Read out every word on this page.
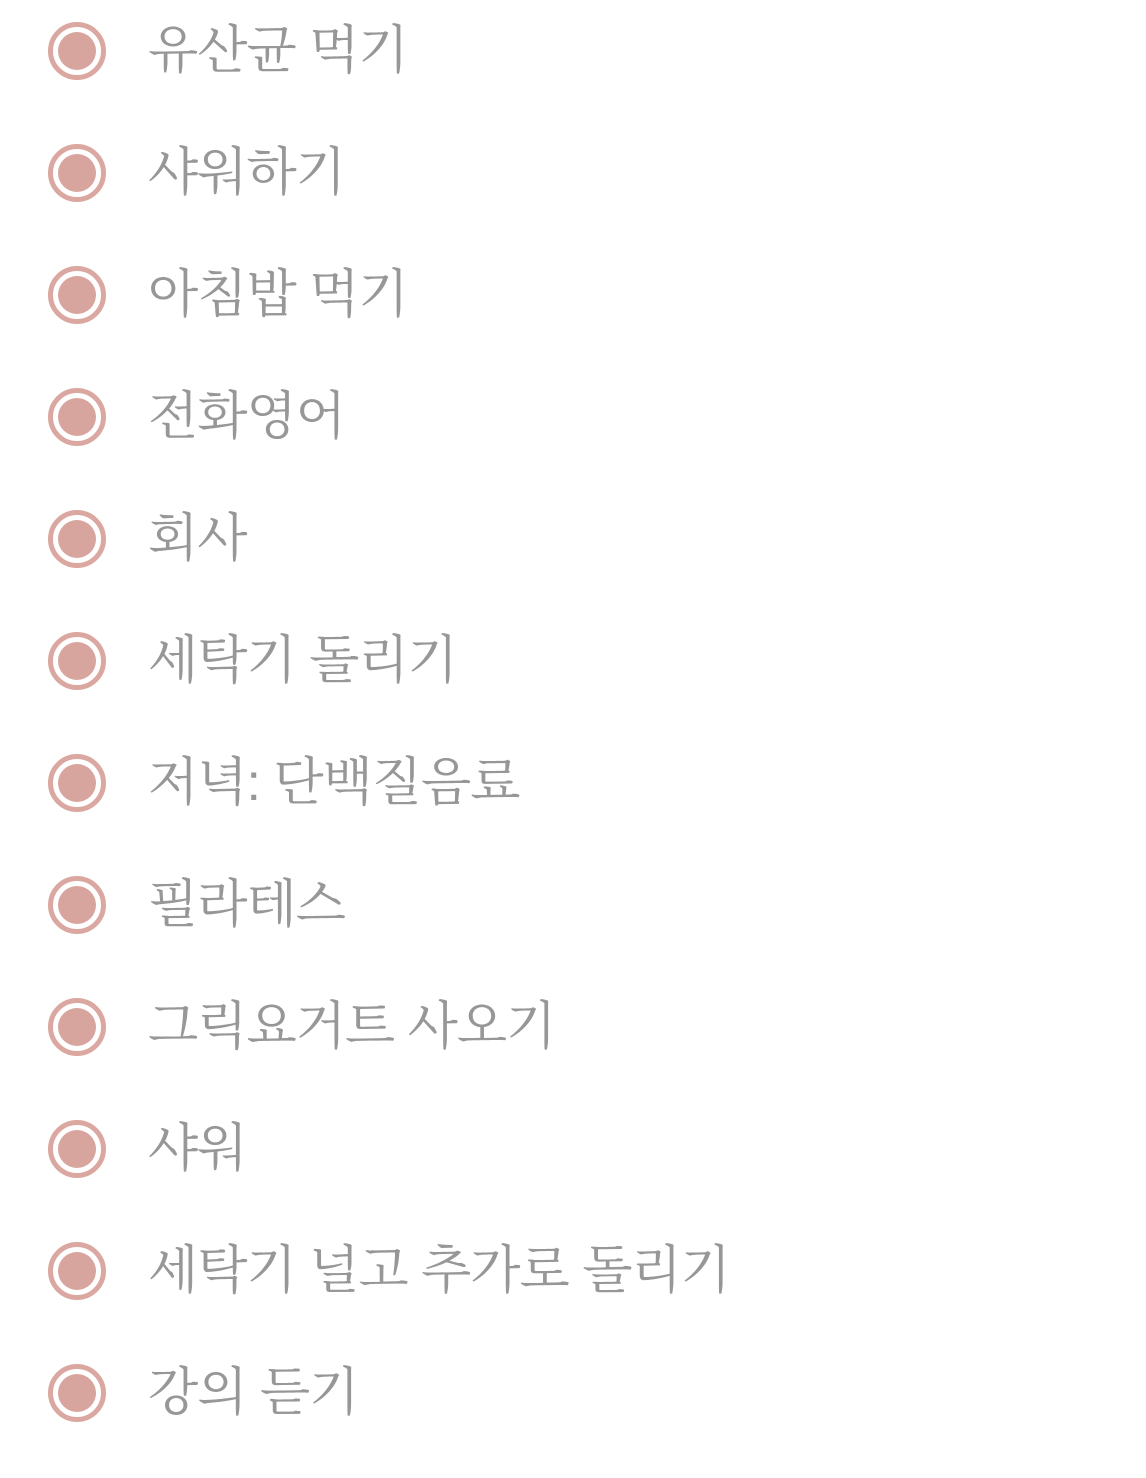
유산균 먹기
샤워하기
아침밥 먹기
전화영어
회사
세탁기 돌리기
저녁: 단백질음료
필라테스
그릭요거트 사오기
샤워
세탁기 널고 추가로 돌리기
강의 듣기
